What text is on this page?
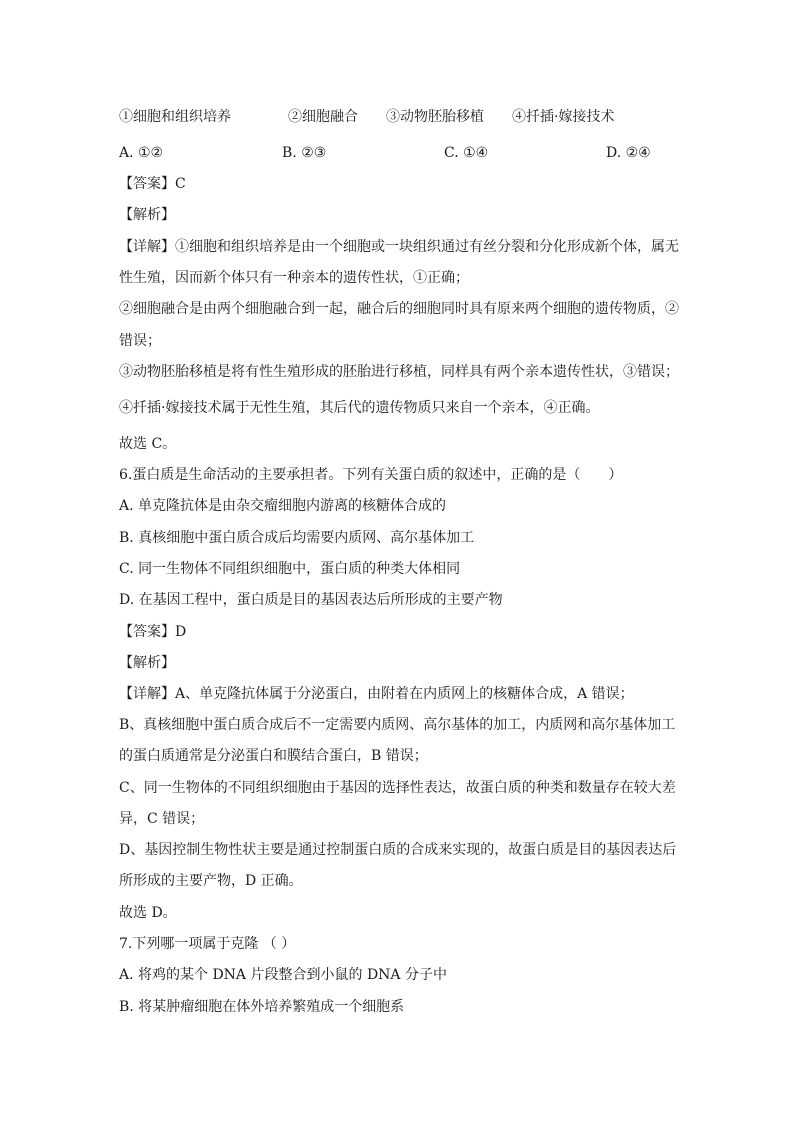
①细胞和组织培养	②细胞融合 ③动物胚胎移植 ④扦插·嫁接技术
A. ①②	B. ②③	C. ①④	D. ②④
【答案】C
【解析】
【详解】①细胞和组织培养是由一个细胞或一块组织通过有丝分裂和分化形成新个体，属无
性生殖，因而新个体只有一种亲本的遗传性状，①正确；
②细胞融合是由两个细胞融合到一起，融合后的细胞同时具有原来两个细胞的遗传物质，②
错误；
③动物胚胎移植是将有性生殖形成的胚胎进行移植，同样具有两个亲本遗传性状，③错误；
④扦插·嫁接技术属于无性生殖，其后代的遗传物质只来自一个亲本，④正确。
故选 C。
6.蛋白质是生命活动的主要承担者。下列有关蛋白质的叙述中，正确的是（　　）
A. 单克隆抗体是由杂交瘤细胞内游离的核糖体合成的
B. 真核细胞中蛋白质合成后均需要内质网、高尔基体加工
C. 同一生物体不同组织细胞中，蛋白质的种类大体相同
D. 在基因工程中，蛋白质是目的基因表达后所形成的主要产物
【答案】D
【解析】
【详解】A、单克隆抗体属于分泌蛋白，由附着在内质网上的核糖体合成，A 错误；
B、真核细胞中蛋白质合成后不一定需要内质网、高尔基体的加工，内质网和高尔基体加工
的蛋白质通常是分泌蛋白和膜结合蛋白，B 错误；
C、同一生物体的不同组织细胞由于基因的选择性表达，故蛋白质的种类和数量存在较大差
异，C 错误；
D、基因控制生物性状主要是通过控制蛋白质的合成来实现的，故蛋白质是目的基因表达后
所形成的主要产物，D 正确。
故选 D。
7.下列哪一项属于克隆 （ ）
A. 将鸡的某个 DNA 片段整合到小鼠的 DNA 分子中
B. 将某肿瘤细胞在体外培养繁殖成一个细胞系
